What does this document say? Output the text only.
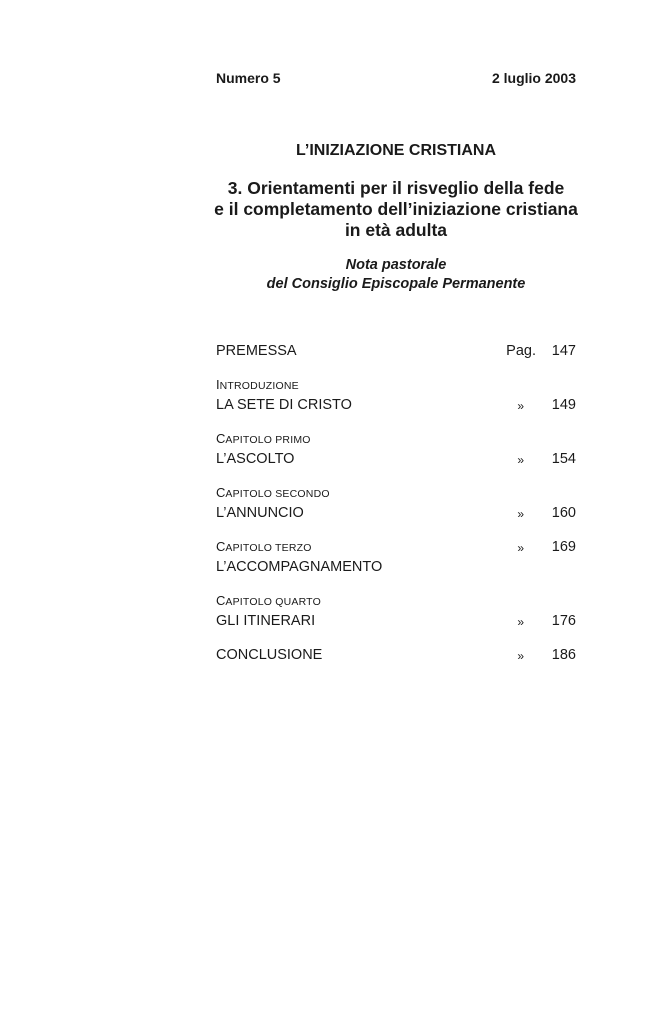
Numero 5	2 luglio 2003
L’INIZIAZIONE CRISTIANA
3. Orientamenti per il risveglio della fede
e il completamento dell’iniziazione cristiana
in età adulta
Nota pastorale
del Consiglio Episcopale Permanente
PREMESSA	Pag. 147
INTRODUZIONE
LA SETE DI CRISTO	» 149
CAPITOLO PRIMO
L’ASCOLTO	» 154
CAPITOLO SECONDO
L’ANNUNCIO	» 160
CAPITOLO TERZO	» 169
L’ACCOMPAGNAMENTO
CAPITOLO QUARTO
GLI ITINERARI	» 176
CONCLUSIONE	» 186
